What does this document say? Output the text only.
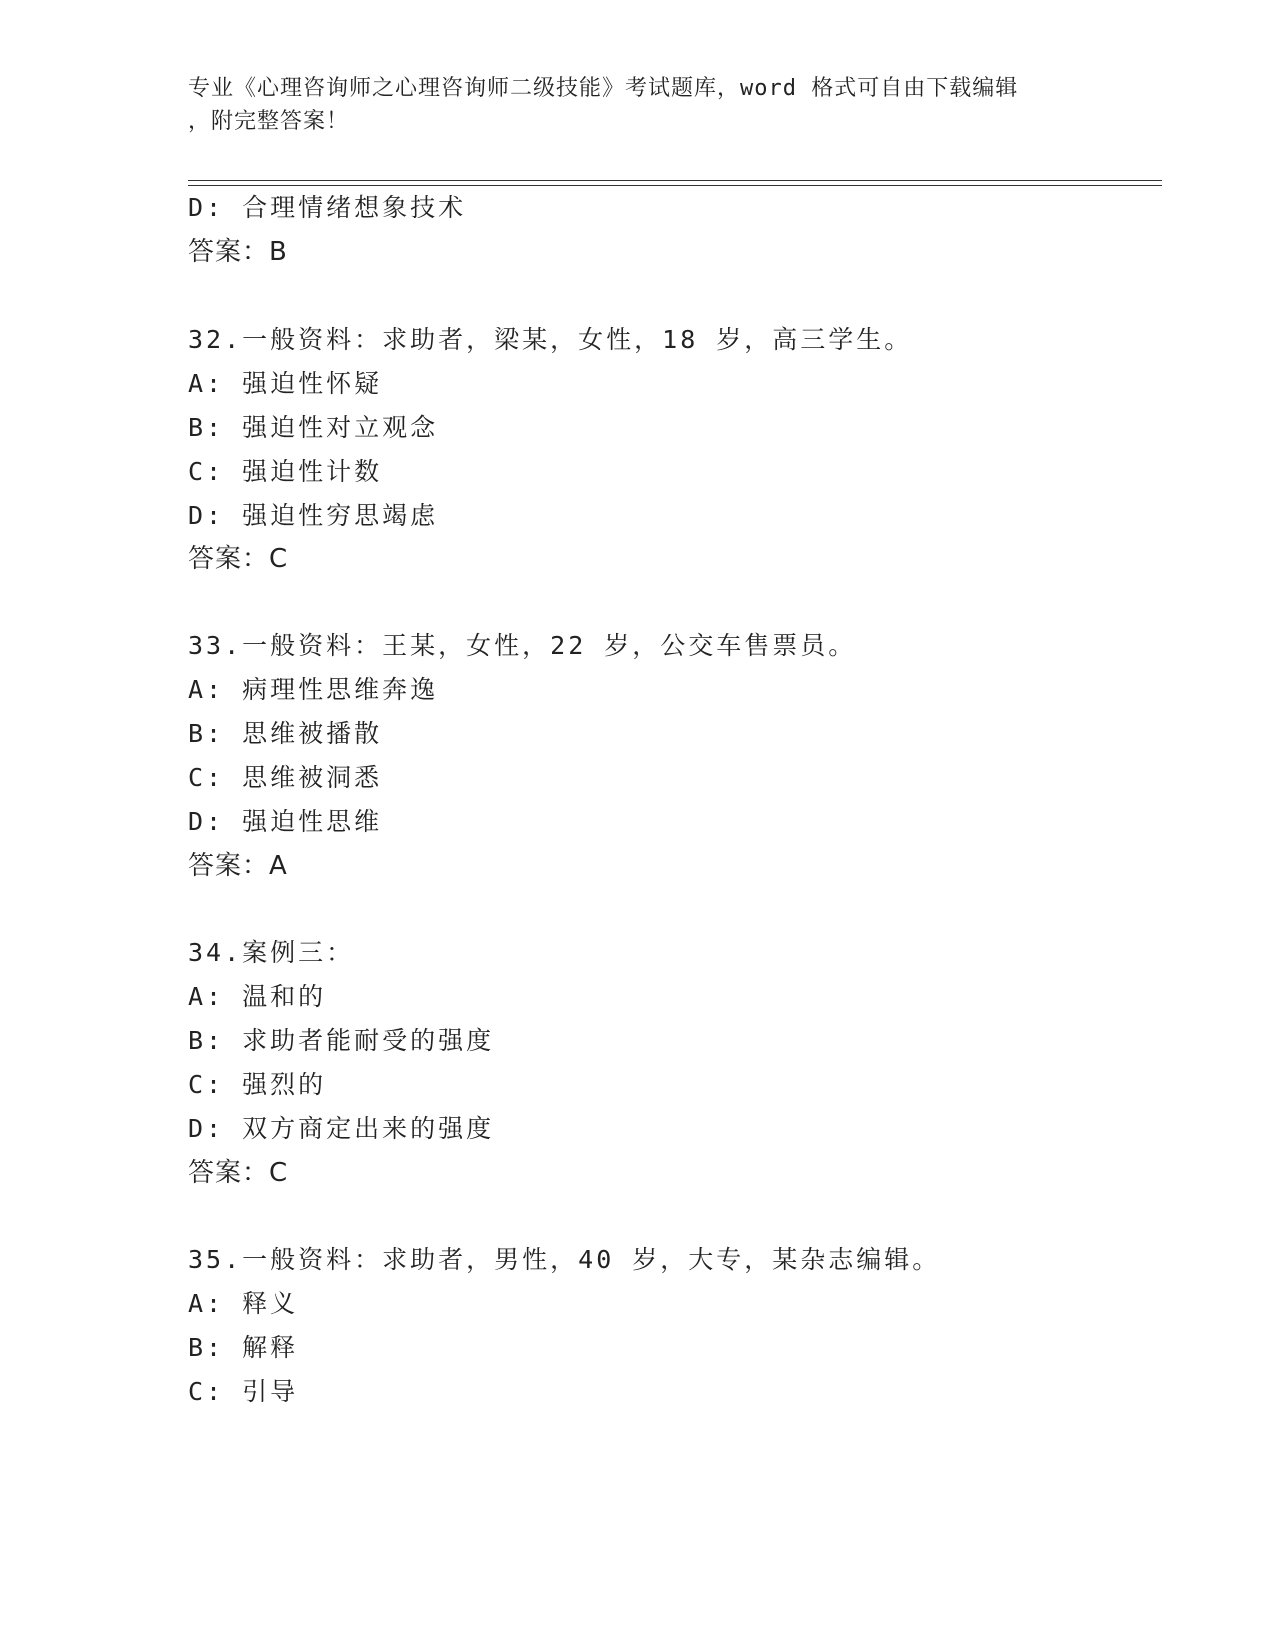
专业《心理咨询师之心理咨询师二级技能》考试题库，word 格式可自由下载编辑
，附完整答案！
D: 合理情绪想象技术
答案：B
32.一般资料：求助者，梁某，女性，18 岁，高三学生。
A: 强迫性怀疑
B: 强迫性对立观念
C: 强迫性计数
D: 强迫性穷思竭虑
答案：C
33.一般资料：王某，女性，22 岁，公交车售票员。
A: 病理性思维奔逸
B: 思维被播散
C: 思维被洞悉
D: 强迫性思维
答案：A
34.案例三：
A: 温和的
B: 求助者能耐受的强度
C: 强烈的
D: 双方商定出来的强度
答案：C
35.一般资料：求助者，男性，40 岁，大专，某杂志编辑。
A: 释义
B: 解释
C: 引导
